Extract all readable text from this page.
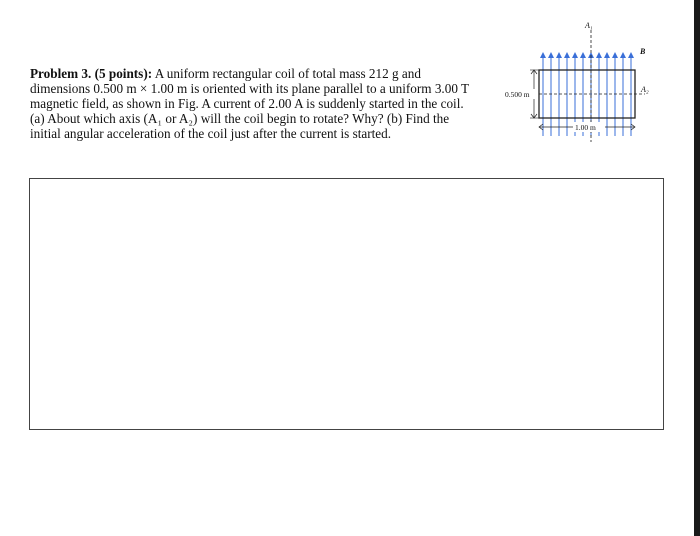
Problem 3. (5 points): A uniform rectangular coil of total mass 212 g and
dimensions 0.500 m × 1.00 m is oriented with its plane parallel to a uniform 3.00 T
magnetic field, as shown in Fig. A current of 2.00 A is suddenly started in the coil.
(a) About which axis (A₁ or A₂) will the coil begin to rotate? Why? (b) Find the
initial angular acceleration of the coil just after the current is started.
A₁
A₂
B⃗
0.500 m
1.00 m
